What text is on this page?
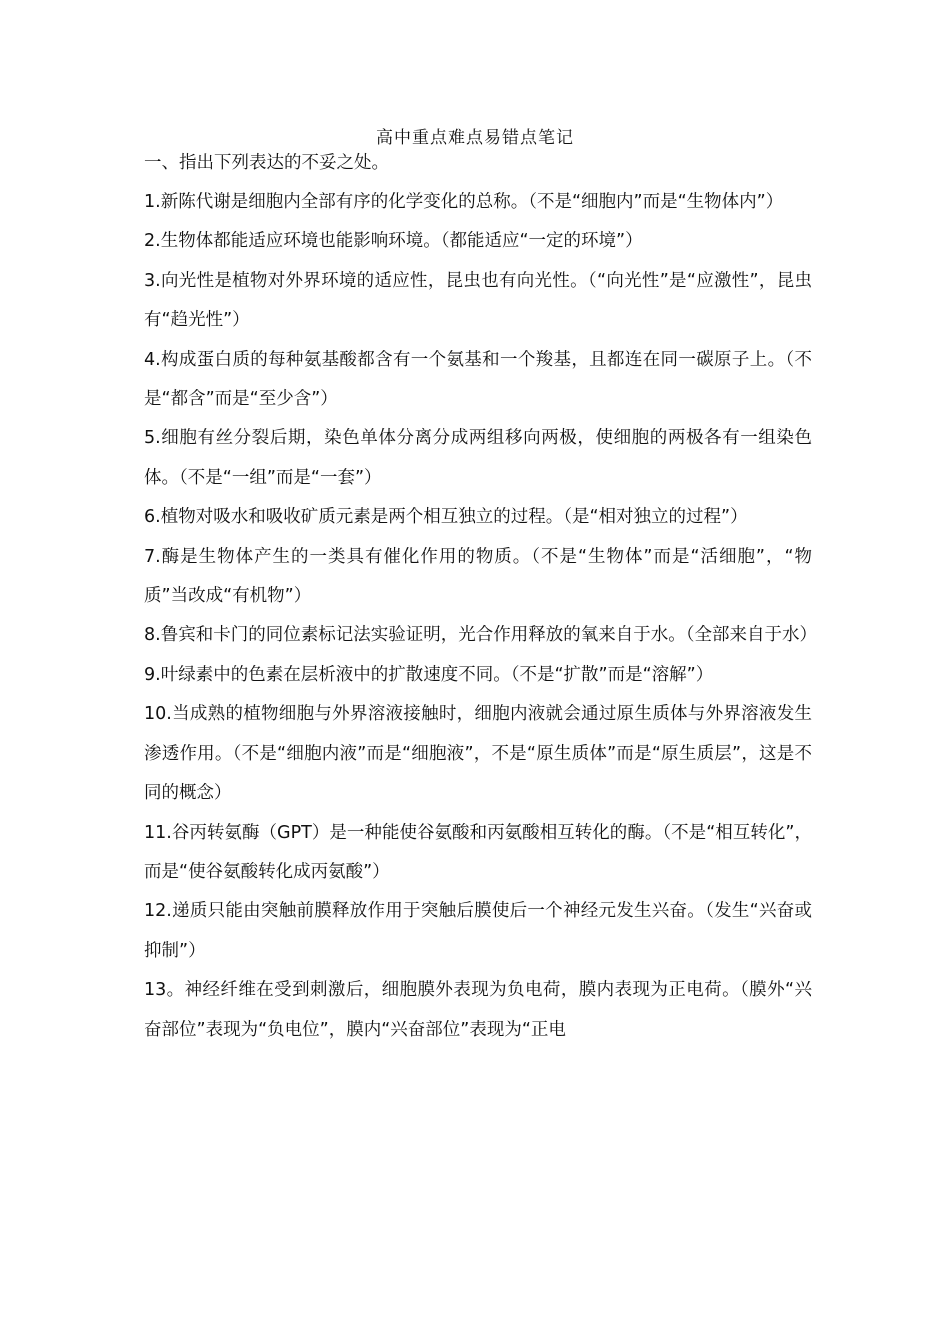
高中重点难点易错点笔记
一、指出下列表达的不妥之处。

1.新陈代谢是细胞内全部有序的化学变化的总称。（不是“细胞内”而是“生物体内”）

2.生物体都能适应环境也能影响环境。（都能适应“一定的环境”）

3.向光性是植物对外界环境的适应性，昆虫也有向光性。（“向光性”是“应激性”，昆虫有“趋光性”）

4.构成蛋白质的每种氨基酸都含有一个氨基和一个羧基，且都连在同一碳原子上。（不是“都含”而是“至少含”）

5.细胞有丝分裂后期，染色单体分离分成两组移向两极，使细胞的两极各有一组染色体。（不是“一组”而是“一套”）

6.植物对吸水和吸收矿质元素是两个相互独立的过程。（是“相对独立的过程”）

7.酶是生物体产生的一类具有催化作用的物质。（不是“生物体”而是“活细胞”，“物质”当改成“有机物”）

8.鲁宾和卡门的同位素标记法实验证明，光合作用释放的氧来自于水。（全部来自于水）

9.叶绿素中的色素在层析液中的扩散速度不同。（不是“扩散”而是“溶解”）

10.当成熟的植物细胞与外界溶液接触时，细胞内液就会通过原生质体与外界溶液发生渗透作用。（不是“细胞内液”而是“细胞液”，不是“原生质体”而是“原生质层”，这是不同的概念）

11.谷丙转氨酶（GPT）是一种能使谷氨酸和丙氨酸相互转化的酶。（不是“相互转化”，而是“使谷氨酸转化成丙氨酸”）

12.递质只能由突触前膜释放作用于突触后膜使后一个神经元发生兴奋。（发生“兴奋或抑制”）

13。神经纤维在受到刺激后，细胞膜外表现为负电荷，膜内表现为正电荷。（膜外“兴奋部位”表现为“负电位”，膜内“兴奋部位”表现为“正电
